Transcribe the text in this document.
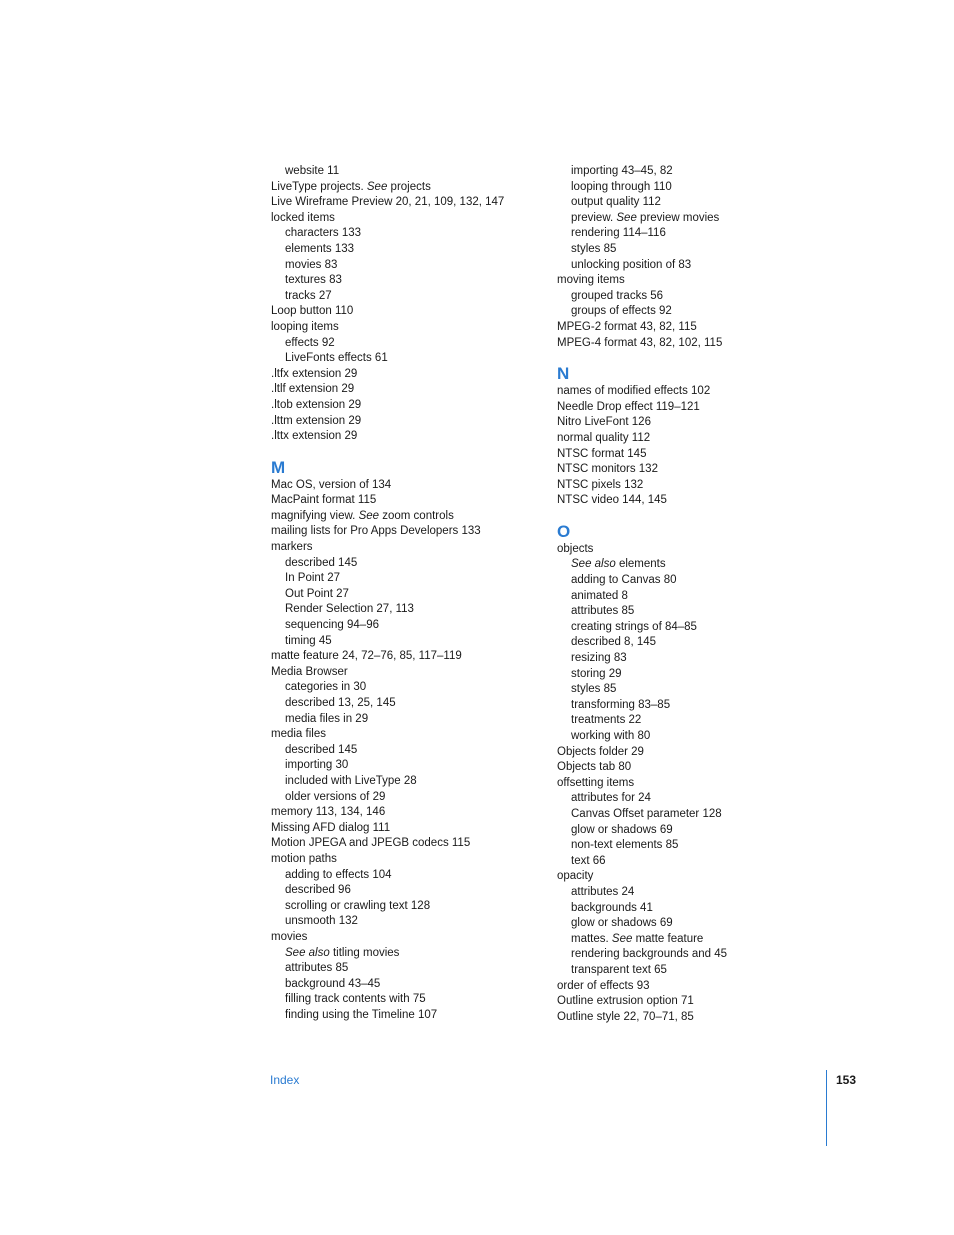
website 11
LiveType projects. See projects
Live Wireframe Preview 20, 21, 109, 132, 147
locked items
characters 133
elements 133
movies 83
textures 83
tracks 27
Loop button 110
looping items
effects 92
LiveFonts effects 61
.ltfx extension 29
.ltlf extension 29
.ltob extension 29
.lttm extension 29
.lttx extension 29
M
Mac OS, version of 134
MacPaint format 115
magnifying view. See zoom controls
mailing lists for Pro Apps Developers 133
markers
described 145
In Point 27
Out Point 27
Render Selection 27, 113
sequencing 94–96
timing 45
matte feature 24, 72–76, 85, 117–119
Media Browser
categories in 30
described 13, 25, 145
media files in 29
media files
described 145
importing 30
included with LiveType 28
older versions of 29
memory 113, 134, 146
Missing AFD dialog 111
Motion JPEGA and JPEGB codecs 115
motion paths
adding to effects 104
described 96
scrolling or crawling text 128
unsmooth 132
movies
See also titling movies
attributes 85
background 43–45
filling track contents with 75
finding using the Timeline 107
importing 43–45, 82
looping through 110
output quality 112
preview. See preview movies
rendering 114–116
styles 85
unlocking position of 83
moving items
grouped tracks 56
groups of effects 92
MPEG-2 format 43, 82, 115
MPEG-4 format 43, 82, 102, 115
N
names of modified effects 102
Needle Drop effect 119–121
Nitro LiveFont 126
normal quality 112
NTSC format 145
NTSC monitors 132
NTSC pixels 132
NTSC video 144, 145
O
objects
See also elements
adding to Canvas 80
animated 8
attributes 85
creating strings of 84–85
described 8, 145
resizing 83
storing 29
styles 85
transforming 83–85
treatments 22
working with 80
Objects folder 29
Objects tab 80
offsetting items
attributes for 24
Canvas Offset parameter 128
glow or shadows 69
non-text elements 85
text 66
opacity
attributes 24
backgrounds 41
glow or shadows 69
mattes. See matte feature
rendering backgrounds and 45
transparent text 65
order of effects 93
Outline extrusion option 71
Outline style 22, 70–71, 85
Index	153
